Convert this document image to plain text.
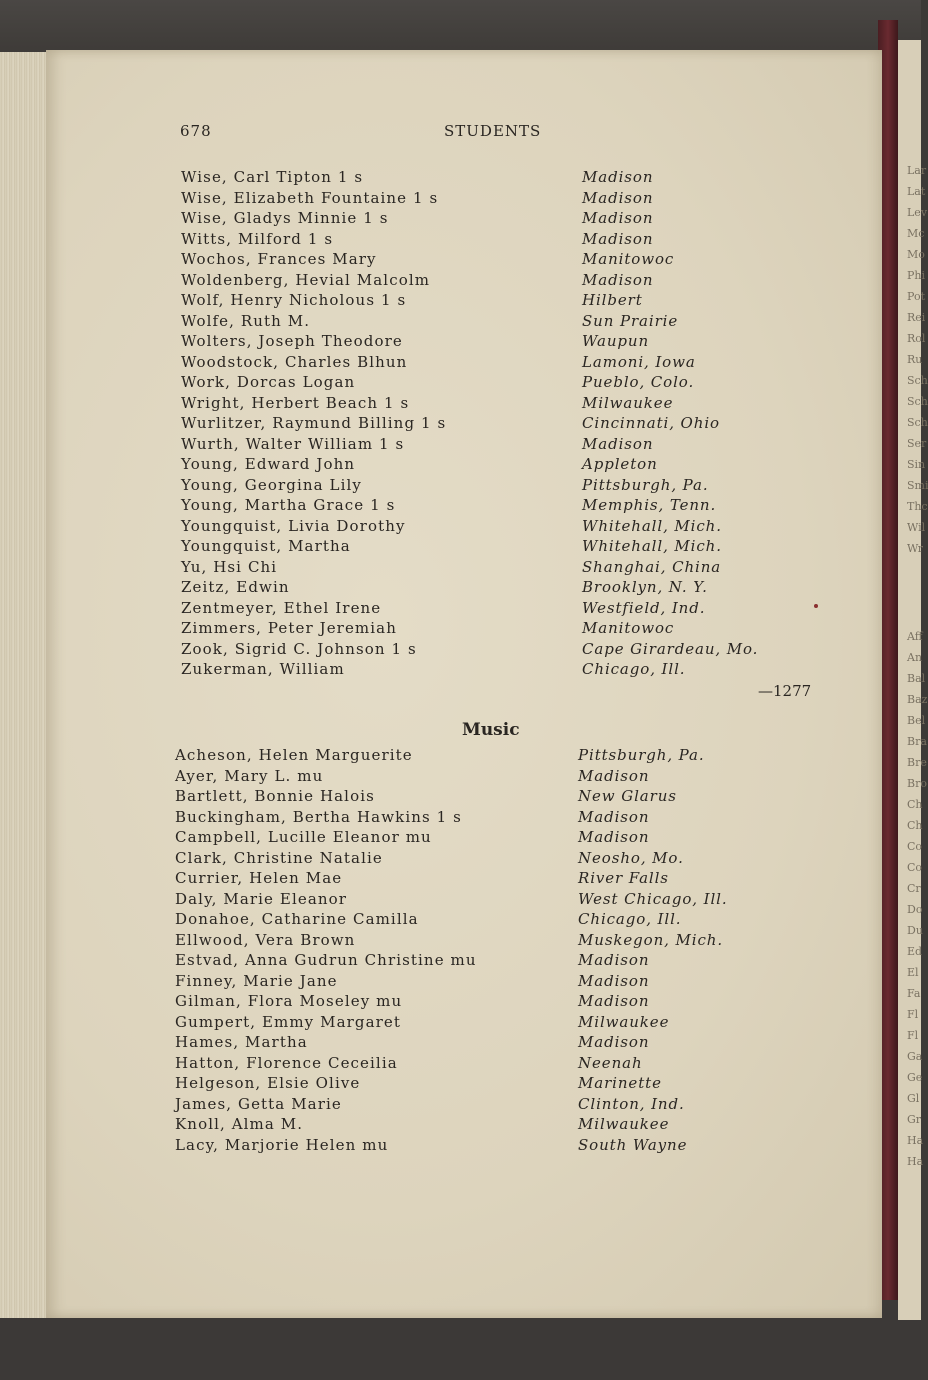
Lar
Lat
Lev
Mc
Mo
Phi
Pot
Rei
Rol
Ru
Sch
Sch
Sch
Ser
Sin
Smi
Thc
Wil
Wr
Aff
An
Bal
Baz
Bel
Bra
Bre
Bro
Ch
Ch
Co
Co
Cr
Do
Du
Ed
El
Fa
Fl
Fl
Ga
Ge
Gl
Gr
Ha
Ha
678	STUDENTS
Wise, Carl Tipton 1 s
Wise, Elizabeth Fountaine 1 s
Wise, Gladys Minnie 1 s
Witts, Milford 1 s
Wochos, Frances Mary
Woldenberg, Hevial Malcolm
Wolf, Henry Nicholous 1 s
Wolfe, Ruth M.
Wolters, Joseph Theodore
Woodstock, Charles Blhun
Work, Dorcas Logan
Wright, Herbert Beach 1 s
Wurlitzer, Raymund Billing 1 s
Wurth, Walter William 1 s
Young, Edward John
Young, Georgina Lily
Young, Martha Grace 1 s
Youngquist, Livia Dorothy
Youngquist, Martha
Yu, Hsi Chi
Zeitz, Edwin
Zentmeyer, Ethel Irene
Zimmers, Peter Jeremiah
Zook, Sigrid C. Johnson 1 s
Zukerman, William
Madison
Madison
Madison
Madison
Manitowoc
Madison
Hilbert
Sun Prairie
Waupun
Lamoni, Iowa
Pueblo, Colo.
Milwaukee
Cincinnati, Ohio
Madison
Appleton
Pittsburgh, Pa.
Memphis, Tenn.
Whitehall, Mich.
Whitehall, Mich.
Shanghai, China
Brooklyn, N. Y.
Westfield, Ind.
Manitowoc
Cape Girardeau, Mo.
Chicago, Ill.
—1277
Music
Acheson, Helen Marguerite
Ayer, Mary L. mu
Bartlett, Bonnie Halois
Buckingham, Bertha Hawkins 1 s
Campbell, Lucille Eleanor mu
Clark, Christine Natalie
Currier, Helen Mae
Daly, Marie Eleanor
Donahoe, Catharine Camilla
Ellwood, Vera Brown
Estvad, Anna Gudrun Christine mu
Finney, Marie Jane
Gilman, Flora Moseley mu
Gumpert, Emmy Margaret
Hames, Martha
Hatton, Florence Ceceilia
Helgeson, Elsie Olive
James, Getta Marie
Knoll, Alma M.
Lacy, Marjorie Helen mu
Pittsburgh, Pa.
Madison
New Glarus
Madison
Madison
Neosho, Mo.
River Falls
West Chicago, Ill.
Chicago, Ill.
Muskegon, Mich.
Madison
Madison
Madison
Milwaukee
Madison
Neenah
Marinette
Clinton, Ind.
Milwaukee
South Wayne
